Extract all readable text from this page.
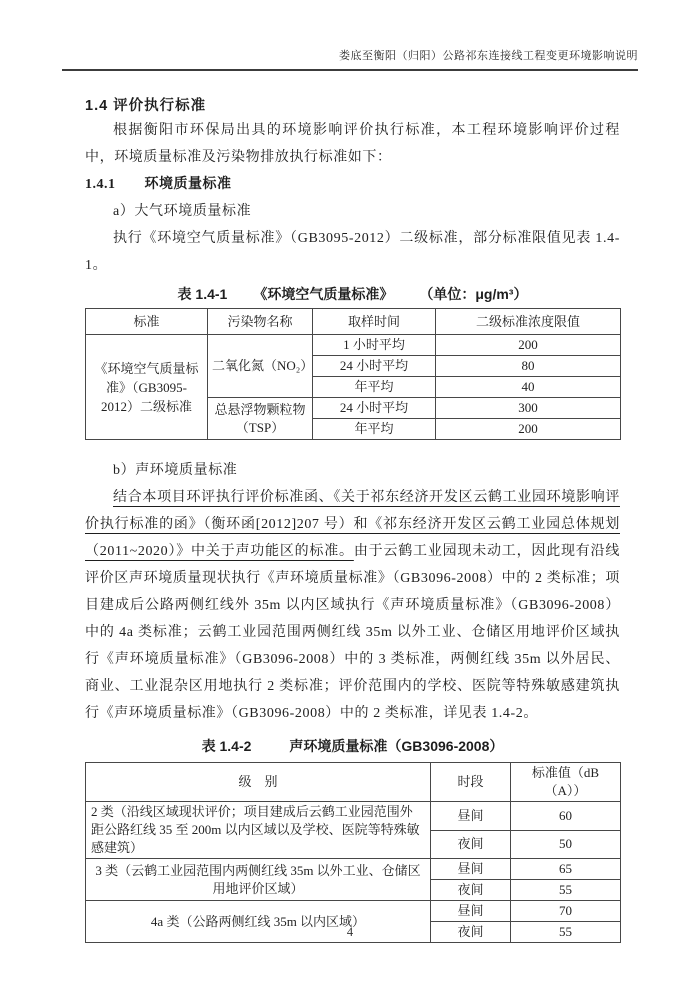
娄底至衡阳（归阳）公路祁东连接线工程变更环境影响说明
1.4 评价执行标准

根据衡阳市环保局出具的环境影响评价执行标准，本工程环境影响评价过程中，环境质量标准及污染物排放执行标准如下：

1.4.1　　环境质量标准

a）大气环境质量标准

执行《环境空气质量标准》（GB3095-2012）二级标准，部分标准限值见表 1.4-1。

表 1.4-1 《环境空气质量标准》 （单位：μg/m³）
标准	污染物名称	取样时间	二级标准浓度限值
《环境空气质量标准》（GB3095-2012）二级标准	二氧化氮（NO₂）	1 小时平均	200
		24 小时平均	80
		年平均	40
	总悬浮物颗粒物（TSP）	24 小时平均	300
		年平均	200

b）声环境质量标准

结合本项目环评执行评价标准函、《关于祁东经济开发区云鹤工业园环境影响评价执行标准的函》（衡环函[2012]207 号）和《祁东经济开发区云鹤工业园总体规划（2011~2020）》中关于声功能区的标准。由于云鹤工业园现未动工，因此现有沿线评价区声环境质量现状执行《声环境质量标准》（GB3096-2008）中的 2 类标准；项目建成后公路两侧红线外 35m 以内区域执行《声环境质量标准》（GB3096-2008）中的 4a 类标准；云鹤工业园范围两侧红线 35m 以外工业、仓储区用地评价区域执行《声环境质量标准》（GB3096-2008）中的 3 类标准，两侧红线 35m 以外居民、商业、工业混杂区用地执行 2 类标准；评价范围内的学校、医院等特殊敏感建筑执行《声环境质量标准》（GB3096-2008）中的 2 类标准，详见表 1.4-2。

表 1.4-2	声环境质量标准（GB3096-2008）
级　别	时段	标准值（dB（A））
2 类（沿线区域现状评价；项目建成后云鹤工业园范围外距公路红线 35 至 200m 以内区域以及学校、医院等特殊敏感建筑）	昼间	60
	夜间	50
3 类（云鹤工业园范围内两侧红线 35m 以外工业、仓储区用地评价区域）	昼间	65
	夜间	55
4a 类（公路两侧红线 35m 以内区域）	昼间	70
	夜间	55
4
